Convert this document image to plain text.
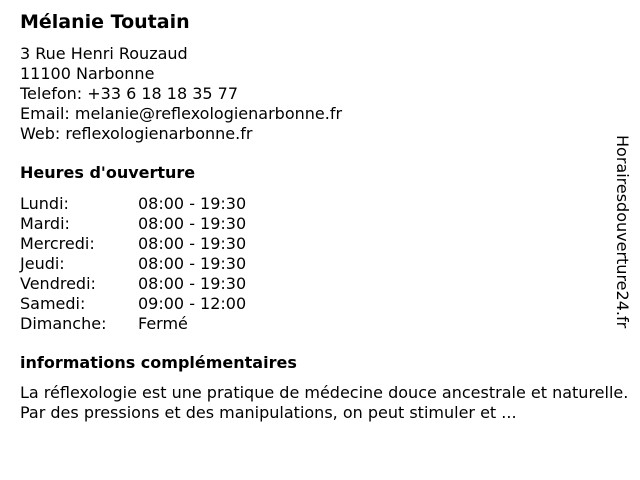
Mélanie Toutain
3 Rue Henri Rouzaud
11100 Narbonne
Telefon: +33 6 18 18 35 77
Email: melanie@reflexologienarbonne.fr
Web: reflexologienarbonne.fr
Heures d'ouverture
Lundi:	08:00 - 19:30
Mardi:	08:00 - 19:30
Mercredi:	08:00 - 19:30
Jeudi:	08:00 - 19:30
Vendredi:	08:00 - 19:30
Samedi:	09:00 - 12:00
Dimanche:	Fermé
informations complémentaires
La réflexologie est une pratique de médecine douce ancestrale et naturelle. Par des pressions et des manipulations, on peut stimuler et ...
Horairesdouverture24.fr
